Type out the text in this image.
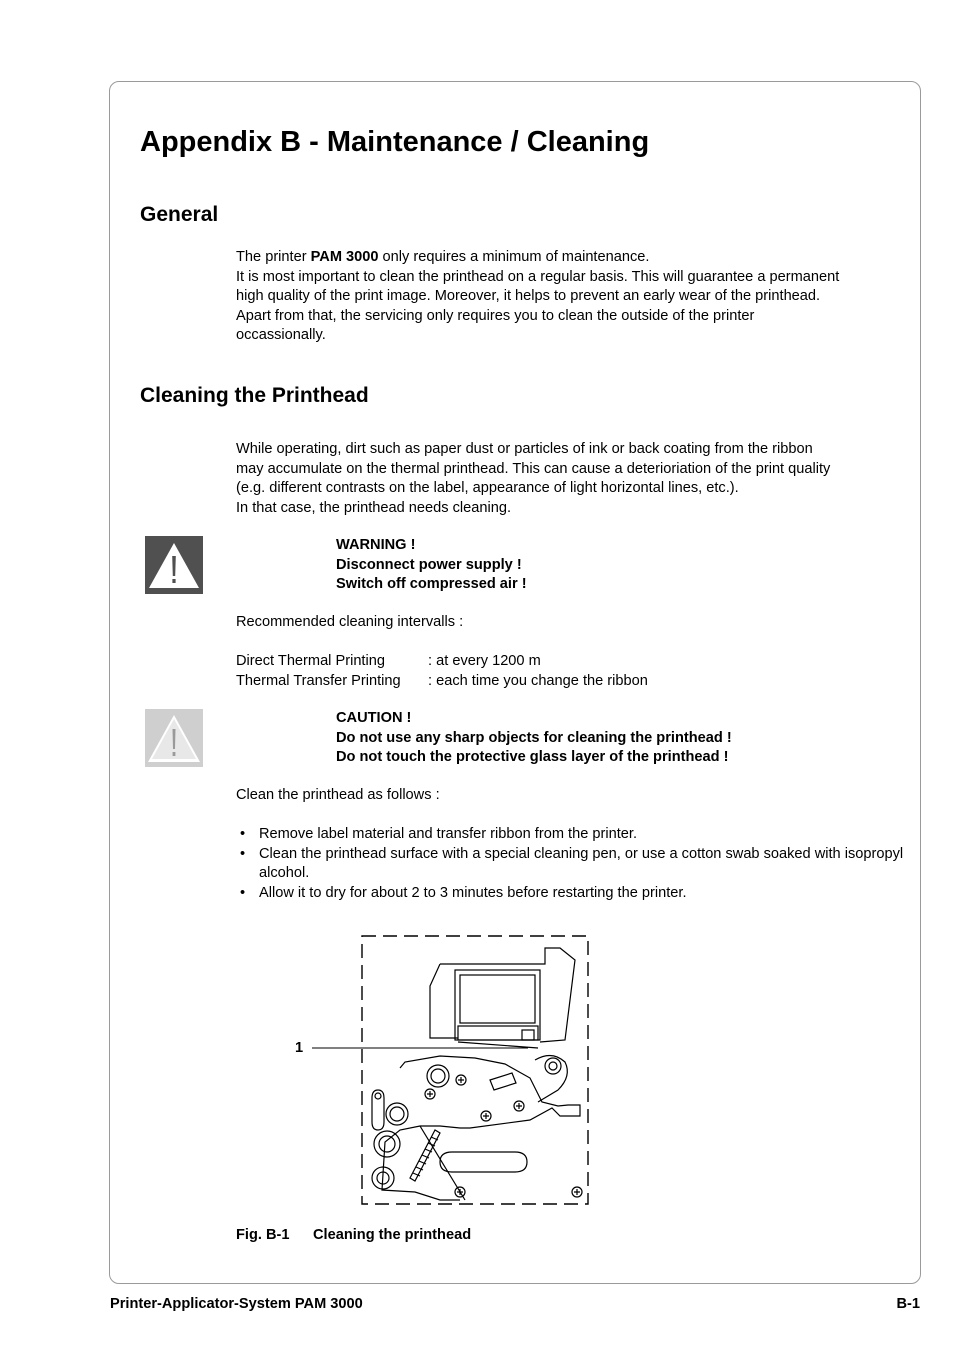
Appendix B - Maintenance / Cleaning
General
The printer PAM 3000 only requires a minimum of maintenance.
It is most important to clean the printhead on a regular basis. This will guarantee a permanent
high quality of the print image. Moreover, it helps to prevent an early wear of the printhead.
Apart from that, the servicing only requires you to clean the outside of the printer
occassionally.
Cleaning the Printhead
While operating, dirt such as paper dust or particles of ink or back coating from the ribbon
may accumulate on the thermal printhead. This can cause a deterioriation of the print quality
(e.g. different contrasts on the label, appearance of light horizontal lines, etc.).
In that case, the printhead needs cleaning.
WARNING !
Disconnect power supply !
Switch off compressed air !
Recommended cleaning intervalls :
Direct Thermal Printing	: at every 1200 m
Thermal Transfer Printing : each time you change the ribbon
CAUTION !
Do not use any sharp objects for cleaning the printhead !
Do not touch the protective glass layer of the printhead !
Clean the printhead as follows :
• Remove label material and transfer ribbon from the printer.
• Clean the printhead surface with a special cleaning pen, or use a cotton swab soaked with isopropyl alcohol.
• Allow it to dry for about 2 to 3 minutes before restarting the printer.
1
Fig. B-1 Cleaning the printhead
Printer-Applicator-System PAM 3000	B-1
